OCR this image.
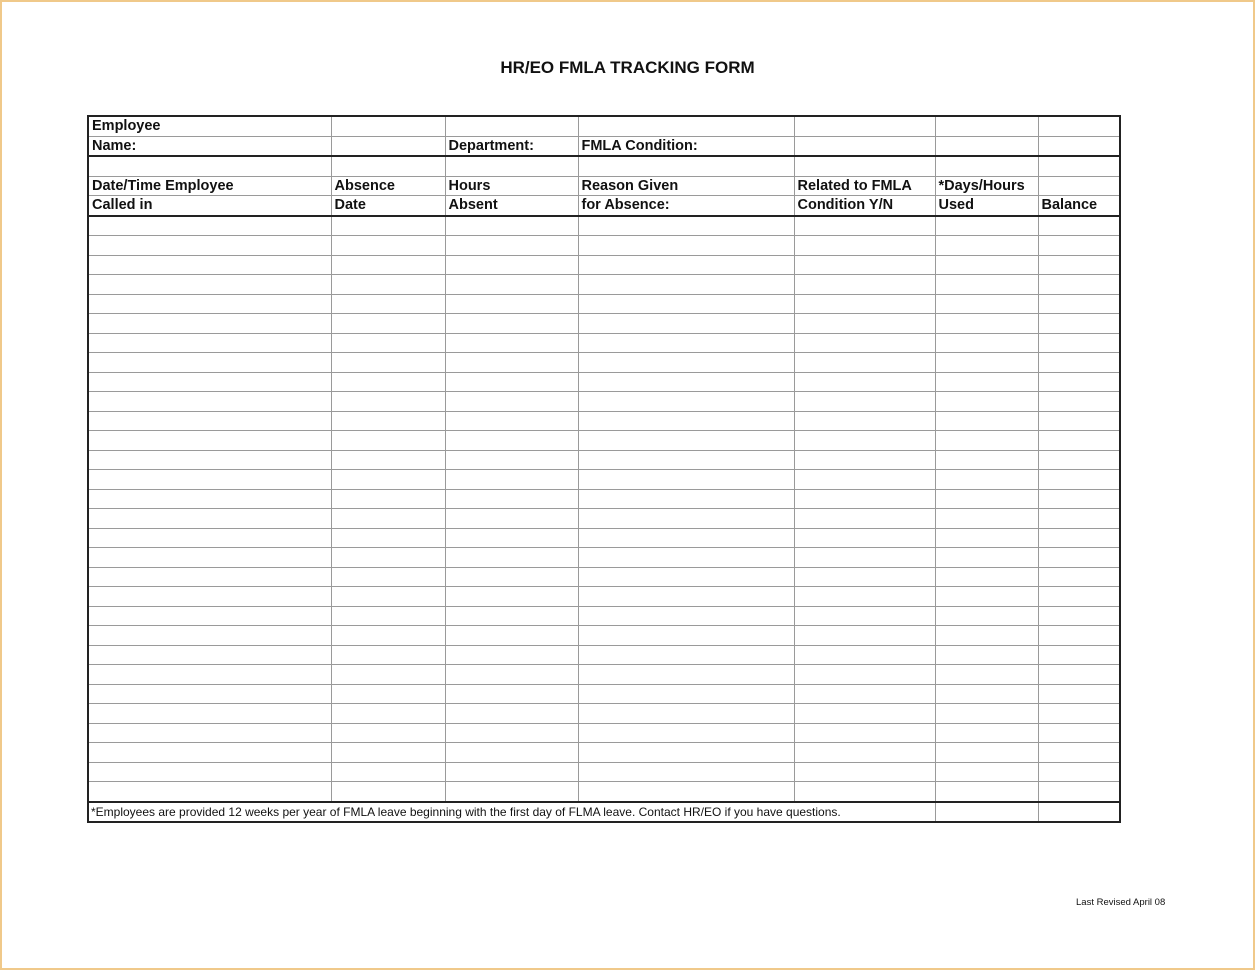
HR/EO FMLA TRACKING FORM
Employee						
Name:		Department:	FMLA Condition:			

Date/Time Employee	Absence	Hours	Reason Given	Related to FMLA	*Days/Hours	
Called in	Date	Absent	for Absence:	Condition Y/N	Used	Balance

*Employees are provided 12 weeks per year of FMLA leave beginning with the first day of FLMA leave. Contact HR/EO if you have questions.						
Last Revised April 08
